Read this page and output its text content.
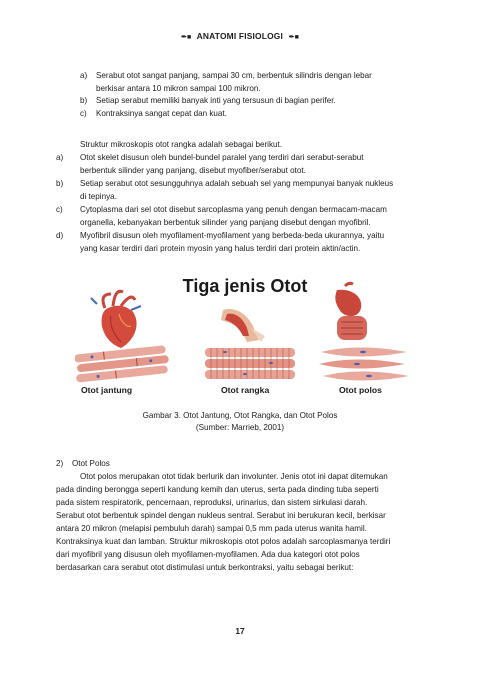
✒■ ANATOMI FISIOLOGI ✒■
a) Serabut otot sangat panjang, sampai 30 cm, berbentuk silindris dengan lebar
berkisar antara 10 mikron sampai 100 mikron.
b) Setiap serabut memiliki banyak inti yang tersusun di bagian perifer.
c) Kontraksinya sangat cepat dan kuat.
Struktur mikroskopis otot rangka adalah sebagai berikut.
a) Otot skelet disusun oleh bundel-bundel paralel yang terdiri dari serabut-serabut
berbentuk silinder yang panjang, disebut myofiber/serabut otot.
b) Setiap serabut otot sesungguhnya adalah sebuah sel yang mempunyai banyak nukleus
di tepinya.
c) Cytoplasma dari sel otot disebut sarcoplasma yang penuh dengan bermacam-macam
organella, kebanyakan berbentuk silinder yang panjang disebut dengan myofibril.
d) Myofibril disusun oleh myofilament-myofilament yang berbeda-beda ukurannya, yaitu
yang kasar terdiri dari protein myosin yang halus terdiri dari protein aktin/actin.
Tiga jenis Otot
Otot jantung	Otot rangka	Otot polos
Gambar 3. Otot Jantung, Otot Rangka, dan Otot Polos
(Sumber: Marrieb, 2001)
2) Otot Polos
Otot polos merupakan otot tidak berlurik dan involunter. Jenis otot ini dapat ditemukan
pada dinding berongga seperti kandung kemih dan uterus, serta pada dinding tuba seperti
pada sistem respiratorik, pencernaan, reproduksi, urinarius, dan sistem sirkulasi darah.
Serabut otot berbentuk spindel dengan nukleus sentral. Serabut ini berukuran kecil, berkisar
antara 20 mikron (melapisi pembuluh darah) sampai 0,5 mm pada uterus wanita hamil.
Kontraksinya kuat dan lamban. Struktur mikroskopis otot polos adalah sarcoplasmanya terdiri
dari myofibril yang disusun oleh myofilamen-myofilamen. Ada dua kategori otot polos
berdasarkan cara serabut otot distimulasi untuk berkontraksi, yaitu sebagai berikut:
17
